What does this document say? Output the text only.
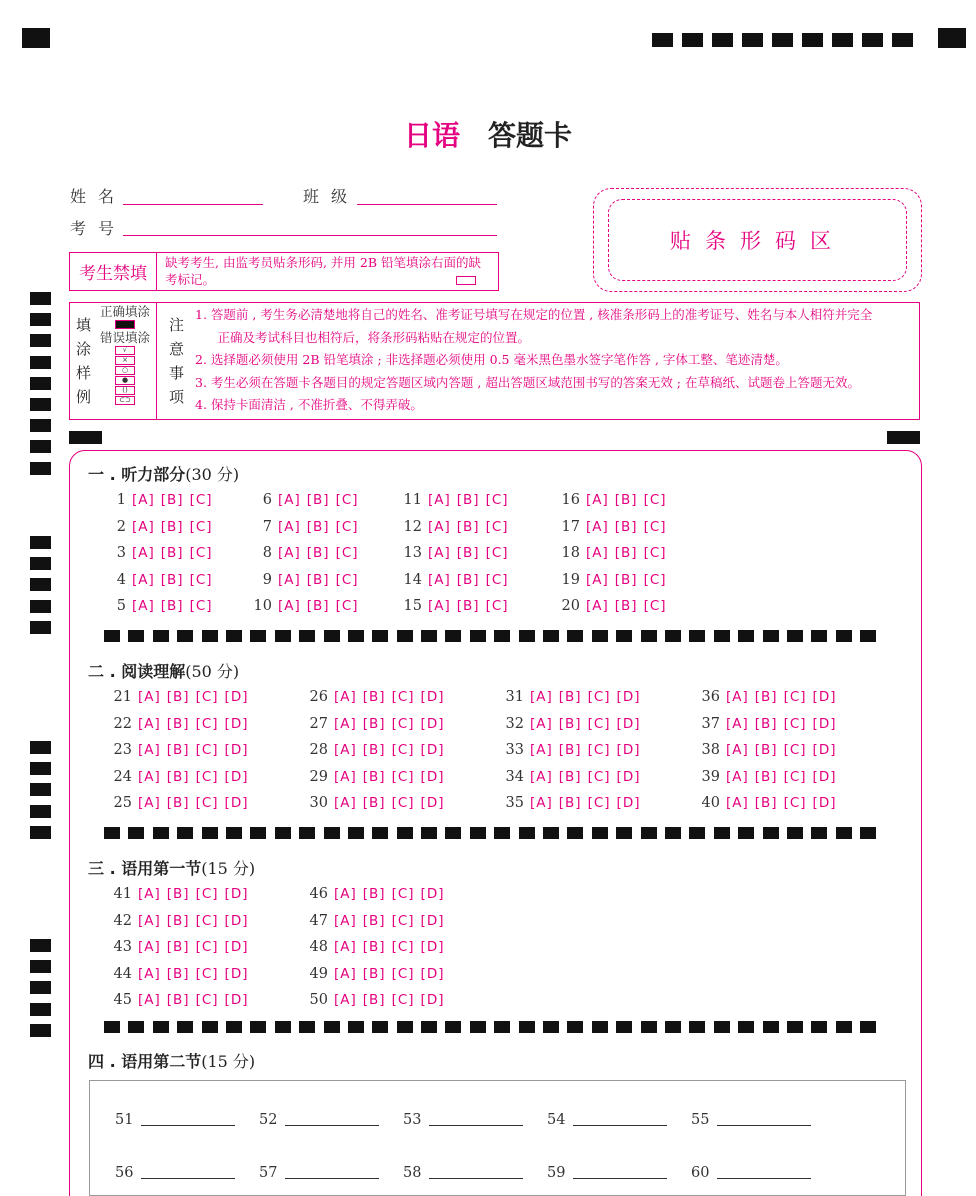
日语 答题卡
姓名	班级
考号
贴条形码区
考生禁填
缺考考生, 由监考员贴条形码, 并用 2B 铅笔填涂右面的缺考标记。
填涂样例
正确填涂
错误填涂
√
×
○
●
()
⊂⊃
注意事项
1. 答题前 , 考生务必清楚地将自己的姓名、准考证号填写在规定的位置 , 核准条形码上的准考证号、姓名与本人相符并完全
　正确及考试科目也相符后，将条形码粘贴在规定的位置。
2. 选择题必须使用 2B 铅笔填涂 ; 非选择题必须使用 0.5 毫米黑色墨水签字笔作答 , 字体工整、笔迹清楚。
3. 考生必须在答题卡各题目的规定答题区域内答题 , 超出答题区域范围书写的答案无效 ; 在草稿纸、试题卷上答题无效。
4. 保持卡面清洁 , 不准折叠、不得弄破。
一 . 听力部分(30 分)
二 . 阅读理解(50 分)
三 . 语用第一节(15 分)
四 . 语用第二节(15 分)
1 [A] [B] [C]
2 [A] [B] [C]
3 [A] [B] [C]
4 [A] [B] [C]
5 [A] [B] [C]
6 [A] [B] [C]
7 [A] [B] [C]
8 [A] [B] [C]
9 [A] [B] [C]
10 [A] [B] [C]
11 [A] [B] [C]
12 [A] [B] [C]
13 [A] [B] [C]
14 [A] [B] [C]
15 [A] [B] [C]
16 [A] [B] [C]
17 [A] [B] [C]
18 [A] [B] [C]
19 [A] [B] [C]
20 [A] [B] [C]
21 [A] [B] [C] [D]
22 [A] [B] [C] [D]
23 [A] [B] [C] [D]
24 [A] [B] [C] [D]
25 [A] [B] [C] [D]
26 [A] [B] [C] [D]
27 [A] [B] [C] [D]
28 [A] [B] [C] [D]
29 [A] [B] [C] [D]
30 [A] [B] [C] [D]
31 [A] [B] [C] [D]
32 [A] [B] [C] [D]
33 [A] [B] [C] [D]
34 [A] [B] [C] [D]
35 [A] [B] [C] [D]
36 [A] [B] [C] [D]
37 [A] [B] [C] [D]
38 [A] [B] [C] [D]
39 [A] [B] [C] [D]
40 [A] [B] [C] [D]
41 [A] [B] [C] [D]
42 [A] [B] [C] [D]
43 [A] [B] [C] [D]
44 [A] [B] [C] [D]
45 [A] [B] [C] [D]
46 [A] [B] [C] [D]
47 [A] [B] [C] [D]
48 [A] [B] [C] [D]
49 [A] [B] [C] [D]
50 [A] [B] [C] [D]
51	52	53	54	55
56	57	58	59	60
